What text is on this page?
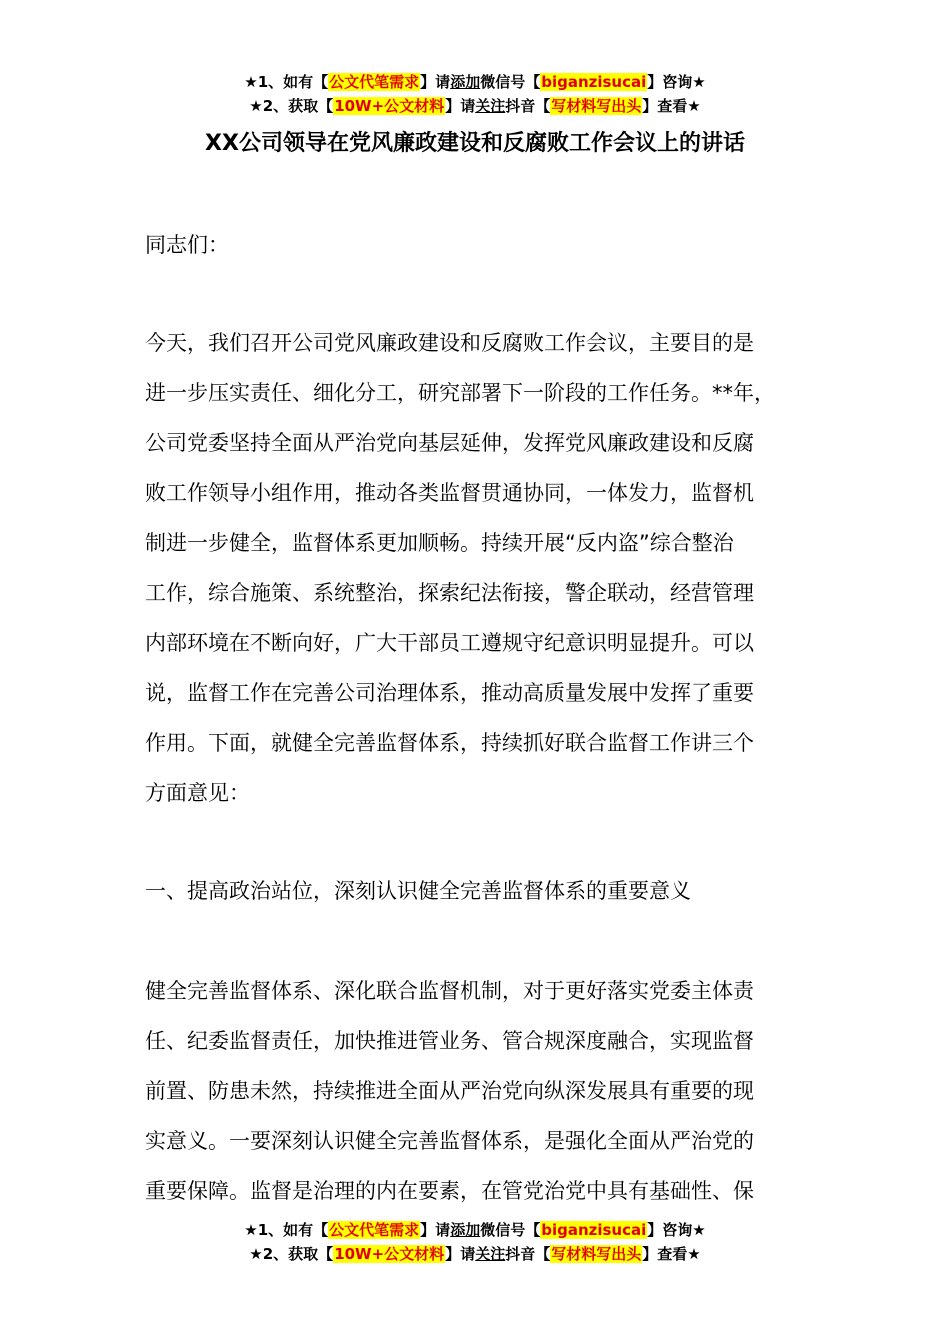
★1、如有【公文代笔需求】请添加微信号【biganzisucai】咨询★
★2、获取【10W+公文材料】请关注抖音【写材料写出头】查看★
XX公司领导在党风廉政建设和反腐败工作会议上的讲话
同志们：
今天，我们召开公司党风廉政建设和反腐败工作会议，主要目的是
进一步压实责任、细化分工，研究部署下一阶段的工作任务。**年，
公司党委坚持全面从严治党向基层延伸，发挥党风廉政建设和反腐
败工作领导小组作用，推动各类监督贯通协同，一体发力，监督机
制进一步健全，监督体系更加顺畅。持续开展“反内盗”综合整治
工作，综合施策、系统整治，探索纪法衔接，警企联动，经营管理
内部环境在不断向好，广大干部员工遵规守纪意识明显提升。可以
说，监督工作在完善公司治理体系，推动高质量发展中发挥了重要
作用。下面，就健全完善监督体系，持续抓好联合监督工作讲三个
方面意见：
一、提高政治站位，深刻认识健全完善监督体系的重要意义
健全完善监督体系、深化联合监督机制，对于更好落实党委主体责
任、纪委监督责任，加快推进管业务、管合规深度融合，实现监督
前置、防患未然，持续推进全面从严治党向纵深发展具有重要的现
实意义。一要深刻认识健全完善监督体系，是强化全面从严治党的
重要保障。监督是治理的内在要素，在管党治党中具有基础性、保
★1、如有【公文代笔需求】请添加微信号【biganzisucai】咨询★
★2、获取【10W+公文材料】请关注抖音【写材料写出头】查看★
